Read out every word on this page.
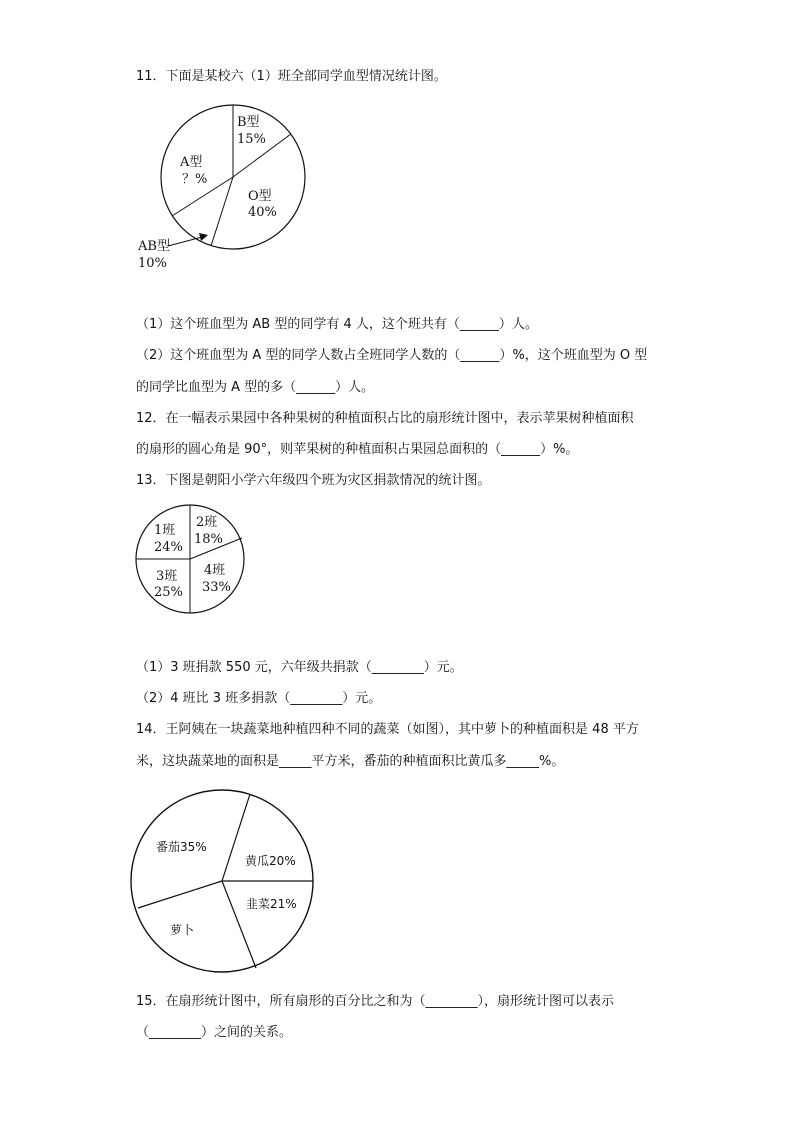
11．下面是某校六（1）班全部同学血型情况统计图。
B型
15%
O型
40%
A型
？%
AB型
10%
（1）这个班血型为 AB 型的同学有 4 人，这个班共有（______）人。
（2）这个班血型为 A 型的同学人数占全班同学人数的（______）%，这个班血型为 O 型
的同学比血型为 A 型的多（______）人。
12．在一幅表示果园中各种果树的种植面积占比的扇形统计图中，表示苹果树种植面积
的扇形的圆心角是 90°，则苹果树的种植面积占果园总面积的（______）%。
13．下图是朝阳小学六年级四个班为灾区捐款情况的统计图。
1班
24%
2班
18%
3班
25%
4班
33%
（1）3 班捐款 550 元，六年级共捐款（________）元。
（2）4 班比 3 班多捐款（________）元。
14．王阿姨在一块蔬菜地种植四种不同的蔬菜（如图），其中萝卜的种植面积是 48 平方
米，这块蔬菜地的面积是_____平方米，番茄的种植面积比黄瓜多_____%。
番茄35%
黄瓜20%
韭菜21%
萝卜
15．在扇形统计图中，所有扇形的百分比之和为（________），扇形统计图可以表示
（________）之间的关系。
